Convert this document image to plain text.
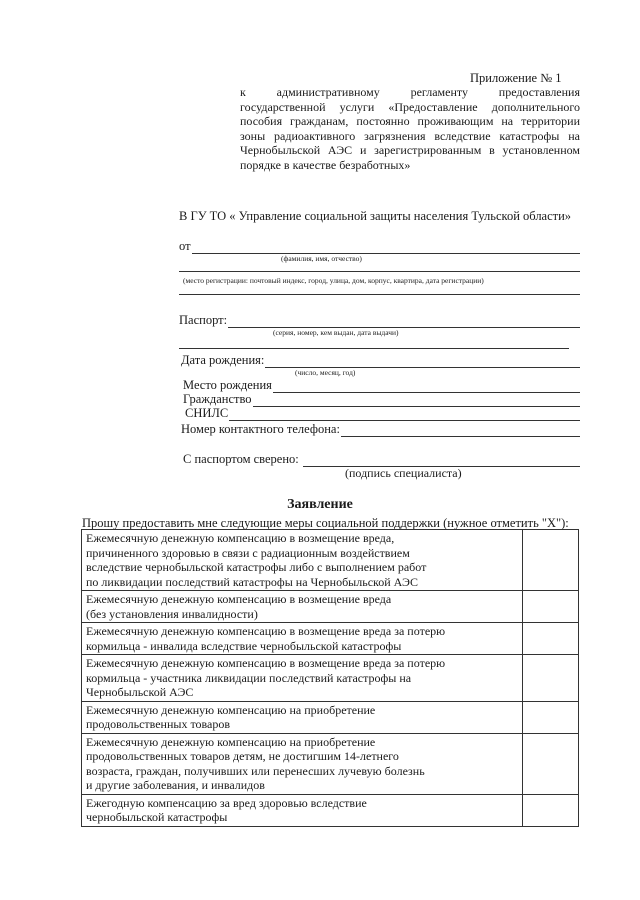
Приложение № 1
к административному регламенту предоставления государственной услуги «Предоставление дополнительного пособия гражданам, постоянно проживающим на территории зоны радиоактивного загрязнения вследствие катастрофы на Чернобыльской АЭС и зарегистрированным в установленном порядке в качестве безработных»
В ГУ ТО « Управление социальной защиты населения Тульской области»
от
(фамилия, имя, отчество)
(место регистрации: почтовый индекс, город, улица, дом, корпус, квартира, дата регистрации)
Паспорт:
(серия, номер, кем выдан, дата выдачи)
Дата рождения:
(число, месяц, год)
Место рождения
Гражданство
СНИЛС
Номер контактного телефона:
С паспортом сверено:
(подпись специалиста)
Заявление
Прошу предоставить мне следующие меры социальной поддержки (нужное отметить "Х"):
Ежемесячную денежную компенсацию в возмещение вреда,
причиненного здоровью в связи с радиационным воздействием
вследствие чернобыльской катастрофы либо с выполнением работ
по ликвидации последствий катастрофы на Чернобыльской АЭС	

Ежемесячную денежную компенсацию в возмещение вреда
(без установления инвалидности)	

Ежемесячную денежную компенсацию в возмещение вреда за потерю
кормильца - инвалида вследствие чернобыльской катастрофы	

Ежемесячную денежную компенсацию в возмещение вреда за потерю
кормильца - участника ликвидации последствий катастрофы на
Чернобыльской АЭС	

Ежемесячную денежную компенсацию на приобретение
продовольственных товаров	

Ежемесячную денежную компенсацию на приобретение
продовольственных товаров детям, не достигшим 14-летнего
возраста, граждан, получивших или перенесших лучевую болезнь
и другие заболевания, и инвалидов	

Ежегодную компенсацию за вред здоровью вследствие
чернобыльской катастрофы	
